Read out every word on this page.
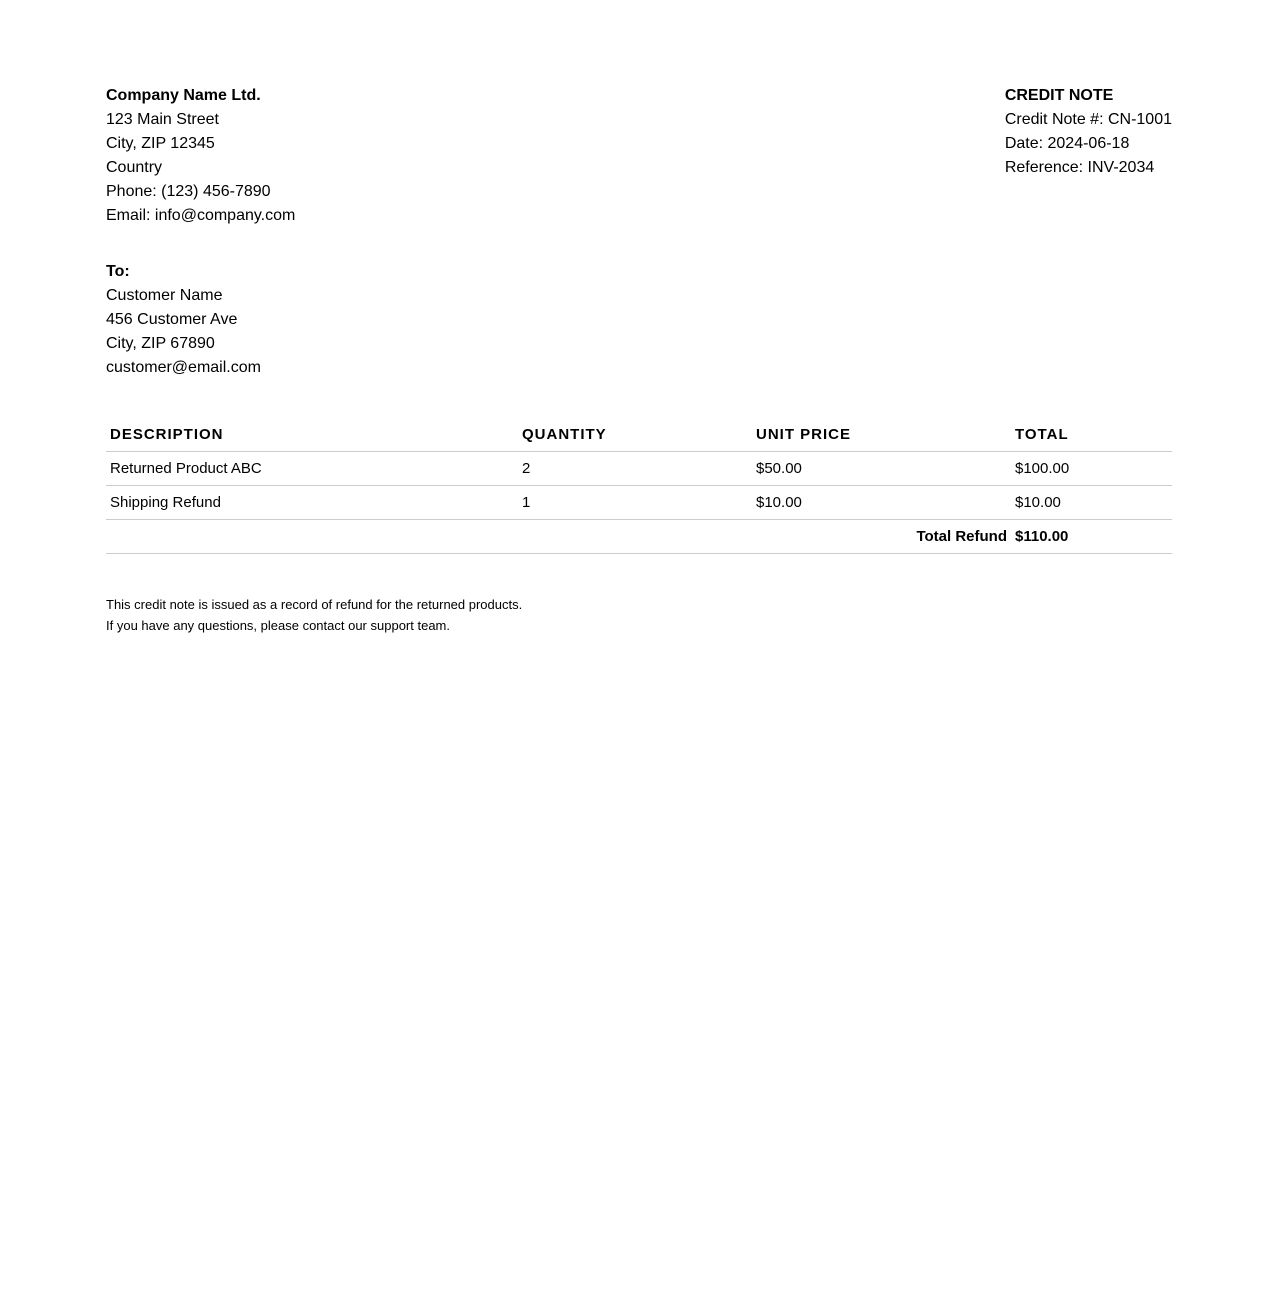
Company Name Ltd.
123 Main Street
City, ZIP 12345
Country
Phone: (123) 456-7890
Email: info@company.com
CREDIT NOTE
Credit Note #: CN-1001
Date: 2024-06-18
Reference: INV-2034
To:
Customer Name
456 Customer Ave
City, ZIP 67890
customer@email.com
DESCRIPTION	QUANTITY	UNIT PRICE	TOTAL
Returned Product ABC	2	$50.00	$100.00
Shipping Refund	1	$10.00	$10.00
Total Refund			$110.00
This credit note is issued as a record of refund for the returned products.
If you have any questions, please contact our support team.
